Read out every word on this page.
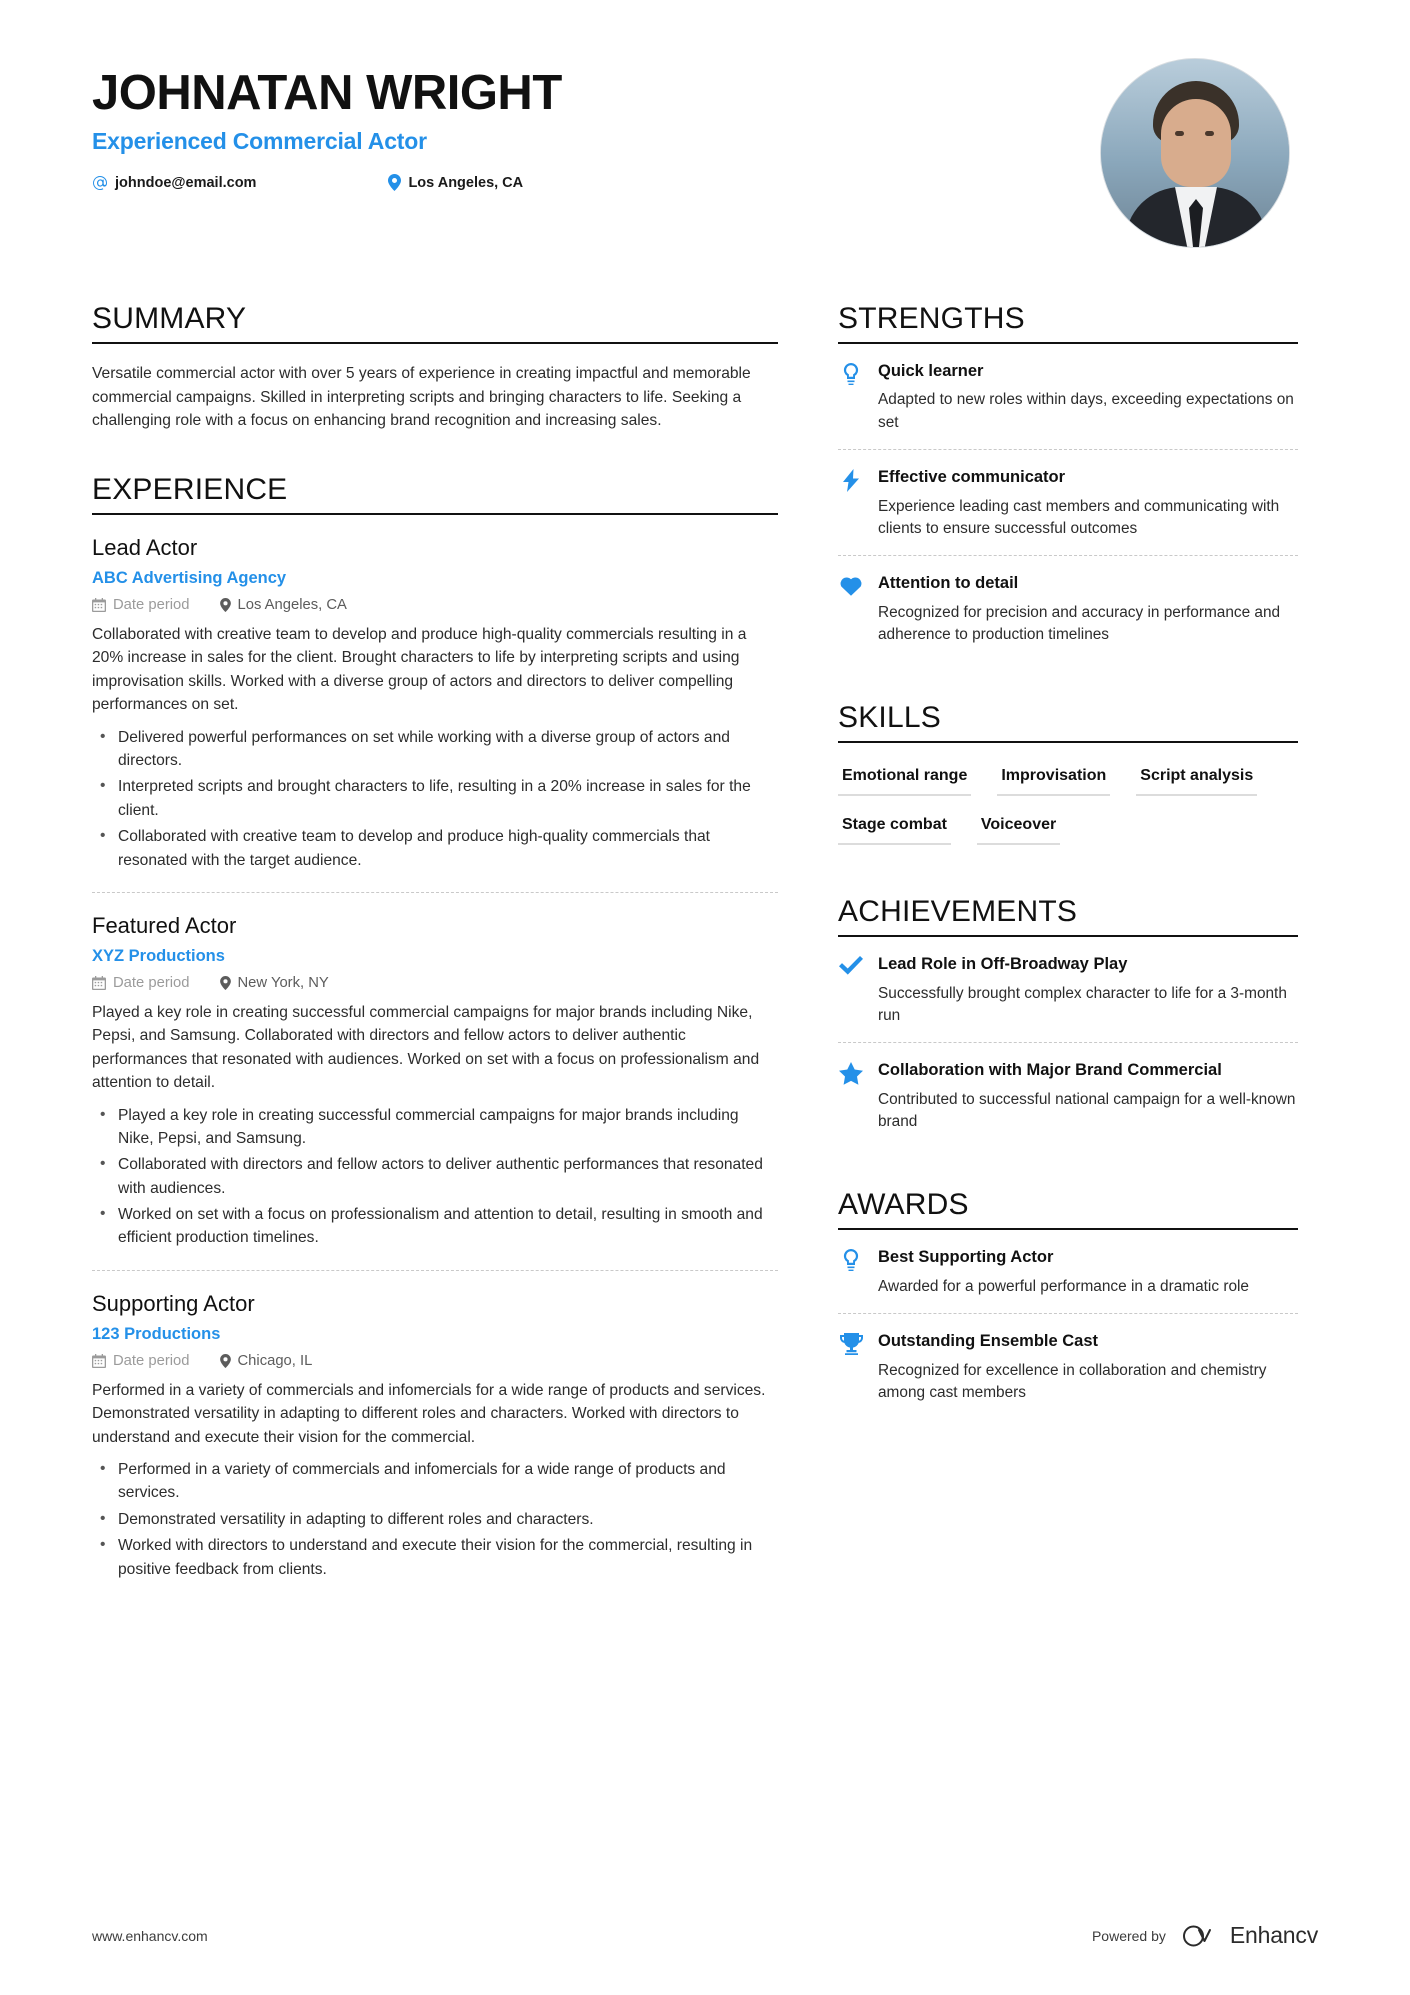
JOHNATAN WRIGHT
Experienced Commercial Actor
johndoe@email.com	Los Angeles, CA
SUMMARY
Versatile commercial actor with over 5 years of experience in creating impactful and memorable commercial campaigns. Skilled in interpreting scripts and bringing characters to life. Seeking a challenging role with a focus on enhancing brand recognition and increasing sales.
EXPERIENCE
Lead Actor
ABC Advertising Agency
Date period	Los Angeles, CA
Collaborated with creative team to develop and produce high-quality commercials resulting in a 20% increase in sales for the client. Brought characters to life by interpreting scripts and using improvisation skills. Worked with a diverse group of actors and directors to deliver compelling performances on set.
• Delivered powerful performances on set while working with a diverse group of actors and directors.
• Interpreted scripts and brought characters to life, resulting in a 20% increase in sales for the client.
• Collaborated with creative team to develop and produce high-quality commercials that resonated with the target audience.
Featured Actor
XYZ Productions
Date period	New York, NY
Played a key role in creating successful commercial campaigns for major brands including Nike, Pepsi, and Samsung. Collaborated with directors and fellow actors to deliver authentic performances that resonated with audiences. Worked on set with a focus on professionalism and attention to detail.
• Played a key role in creating successful commercial campaigns for major brands including Nike, Pepsi, and Samsung.
• Collaborated with directors and fellow actors to deliver authentic performances that resonated with audiences.
• Worked on set with a focus on professionalism and attention to detail, resulting in smooth and efficient production timelines.
Supporting Actor
123 Productions
Date period	Chicago, IL
Performed in a variety of commercials and infomercials for a wide range of products and services. Demonstrated versatility in adapting to different roles and characters. Worked with directors to understand and execute their vision for the commercial.
• Performed in a variety of commercials and infomercials for a wide range of products and services.
• Demonstrated versatility in adapting to different roles and characters.
• Worked with directors to understand and execute their vision for the commercial, resulting in positive feedback from clients.
STRENGTHS
Quick learner
Adapted to new roles within days, exceeding expectations on set
Effective communicator
Experience leading cast members and communicating with clients to ensure successful outcomes
Attention to detail
Recognized for precision and accuracy in performance and adherence to production timelines
SKILLS
Emotional range Improvisation Script analysis
Stage combat Voiceover
ACHIEVEMENTS
Lead Role in Off-Broadway Play
Successfully brought complex character to life for a 3-month run
Collaboration with Major Brand Commercial
Contributed to successful national campaign for a well-known brand
AWARDS
Best Supporting Actor
Awarded for a powerful performance in a dramatic role
Outstanding Ensemble Cast
Recognized for excellence in collaboration and chemistry among cast members
www.enhancv.com	Powered by	Enhancv
